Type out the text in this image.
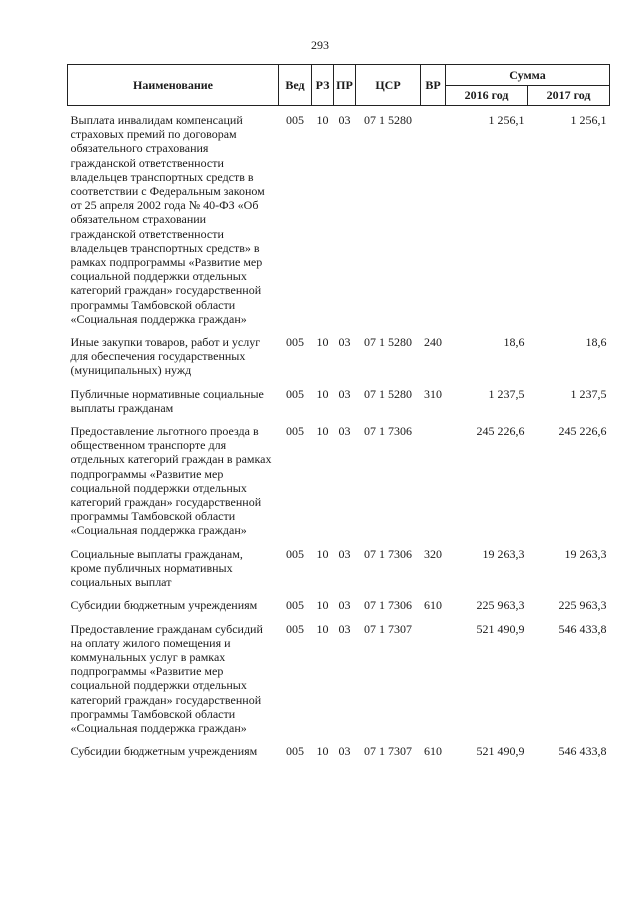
293
Наименование	Вед	РЗ	ПР	ЦСР	ВР	Сумма	
						2016 год	2017 год
Выплата инвалидам компенсаций страховых премий по договорам обязательного страхования гражданской ответственности владельцев транспортных средств в соответствии с Федеральным законом от 25 апреля 2002 года № 40-ФЗ «Об обязательном страховании гражданской ответственности владельцев транспортных средств» в рамках подпрограммы «Развитие мер социальной поддержки отдельных категорий граждан» государственной программы Тамбовской области «Социальная поддержка граждан»	005	10	03	07 1 5280		1 256,1	1 256,1
Иные закупки товаров, работ и услуг для обеспечения государственных (муниципальных) нужд	005	10	03	07 1 5280	240	18,6	18,6
Публичные нормативные социальные выплаты гражданам	005	10	03	07 1 5280	310	1 237,5	1 237,5
Предоставление льготного проезда в общественном транспорте для отдельных категорий граждан в рамках подпрограммы «Развитие мер социальной поддержки отдельных категорий граждан» государственной программы Тамбовской области «Социальная поддержка граждан»	005	10	03	07 1 7306		245 226,6	245 226,6
Социальные выплаты гражданам, кроме публичных нормативных социальных выплат	005	10	03	07 1 7306	320	19 263,3	19 263,3
Субсидии бюджетным учреждениям	005	10	03	07 1 7306	610	225 963,3	225 963,3
Предоставление гражданам субсидий на оплату жилого помещения и коммунальных услуг в рамках подпрограммы «Развитие мер социальной поддержки отдельных категорий граждан» государственной программы Тамбовской области «Социальная поддержка граждан»	005	10	03	07 1 7307		521 490,9	546 433,8
Субсидии бюджетным учреждениям	005	10	03	07 1 7307	610	521 490,9	546 433,8
